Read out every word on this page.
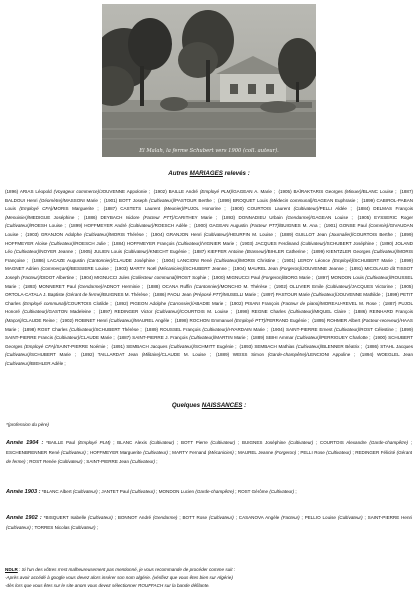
El Malah, la ferme Schubert vers 1900 (coll. auteur).
Autres MARIAGES relevés :
(1896) ARIAS Léopold (Voyageur commerce)/JOUVENNE Appolonie ; (1902) BAILLE André (Employé PLM)/GAGEAN A. Marie ; (1905) BAÏRAKTARIS Georges (Minuer)/BLANC Louise ; (1887) BALDOUI Henri (Géomètre)/MASSONI Marie ; (1901) BOTT Joseph (Cultivateur)/PASTOUR Berthe ; (1899) BROQUET Louis (Médecin communal)/GAGEAN Euphrasie ; (1899) CABIROL-PABAN Louis (Employé CFA)/MORIS Marguerite ; (1887) CASTETS Laurent (Meunier)/PUJOL Honorine ; (1900) COURTOIS Laurent (Cultivateur)/PELLI Aldée ; (1884) DELMAS François (Menuisier)/MEDIGUE Joséphine ; (1886) DEYBACH Isidore (Facteur PTT)/CARITHEY Marie ; (1893) DONNADIEU Urbain (Gendarme)/GAGEAN Louise ; (1905) EYSSERIC Roger (Cultivateur)/ROESH Louise ; (1899) HOFFMEYER André (Cultivateur)/ROESCH Adèle ; (1900) GAGEAN Augustin (Facteur PTT)/BUIGNES M. Ana ; (1901) GONSE Paul (Commis)/GIVAUDAN Louise ; (1903) GRANJON Adolphe (Cultivateur)/MORIS Thérèse ; (1904) GRANJON Henri (Cultivateur)/HEURFIN M. Louise ; (1889) GUILLOT Jean (Journalier)/COURTOIS Berthe ; (1899) HOFFMEYER Aloise (Cultivateur)/ROESCH Julie ; (1884) HOFFMEYER François (Cultivateur)/VIGNIER Marie ; (1903) JACQUES Ferdinand (Cultivateur)/SCHUBERT Joséphine ; (1890) JOLAND Léo (Cultivateur)/NOYER Jeanne ; (1905) JULIEN Louis (Cultivateur)/KNECHT Eugénie ; (1887) KIEFFER Antoine (Brasseur)/BIHLER Catherine ; (1899) KIENTZLER Georges (Cultivateur)/MORIS Françoise ; (1886) LACAZE Augustin (Cantonnier)/CLAUDE Joséphine ; (1904) LANCIONI René (Cultivateur)/MORIS Christine ; (1901) LEROY Léonce (Employé)/SCHUBERT Marie ; (1899) MAGNET Adrien (Commerçant)/BESSIERE Louise ; (1903) MARTY Noël (Mécanicien)/SCHUBERT Jeanne ; (1904) MAUREL Jean (Forgeron)/JOUVENNE Jeanne ; (1891) MICOLAUD dit TISSOT Joseph (Facteur)/DIDOT Albertine ; (1904) MIGNUCCI Jules (Collecteur communal)/ROST Sophie ; (1900) MIGNUCCI Paul (Forgeron)/BORG Marie ; (1897) MONDON Louis (Cultivateur)/ROUSSEL Marie ; (1893) MONNERET Paul (Gendarme)/ADNOT Herminie ; (1888) OCANA Ruffin (Cantonnier)/MONCHO M. Thérèse ; (1902) OLLIVIER Emile (Cultivateur)/JACQUES Victorine ; (1905) ORTOLA-CATALA J. Baptiste (Gérant de ferme)/BUIGNES M. Thérèse ; (1886) PAOLI Jean (Préposé PTT)/MUSELLI Marie ; (1897) PASTOUR Marie (Cultivateur)/JOUVENNE Mathilde ; (1899) PETIT Charles (Employé communal)/COURTOIS Clotilde ; (1892) PIGEON Adolphe (Carrossier)/ABADIE Marie ; (1902) PISANI François (Facteur de piano)/MOREAU-REVEL M. Rose ; (1887) PUJOL Honoré (Cultivateur)/GASTON Madeleine ; (1897) REDINGER Victor (Cultivateur)/COURTOIS M. Louise ; (1898) REGNE Charles (Cultivateur)/MIQUEL Claire ; (1886) REINHARD François (Maçon)/CLAUDE Reine ; (1902) ROBINET Henri (Cultivateur)/MAUREL Angèle ; (1898) ROCHON Emmanuel (Employé PTT)/FERRAND Eugénie ; (1895) ROHMER Albert (Facteur-receveur)/HAAS Marie ; (1898) ROST Charles (Cultivateur)/SCHUBERT Thérèse ; (1889) ROUSSEL François (Cultivateur)/HYARDAIN Marie ; (1904) SAINT-PIERRE Ernest (Cultivateur)/ROST Célestine ; (1899) SAINT-PIERRE Francis (Cultivateur)/CLAUDE Marie ; (1887) SAINT-PIERRE J. François (Cultivateur)/MARTIN Marie ; (1889) SBIHI Ammar (Cultivateur)/PERRIGUEY Charlotte ; (1900) SCHUBERT Georges (Employé CFA)/SAINT-PIERRE Noémie ; (1891) SEMBACH Jacques (Cultivateur)/SCHMITT Eugénie ; (1893) SEMBACH Mathias (Cultivateur)/BLENNER Béatrix ; (1886) STAHL Jacques (Cultivateur)/SCHUBERT Marie ; (1892) TAILLARDAT Jean (Militaire)/CLAUDE M. Louise ; (1889) WEISS Simon (Garde-champêtre)/LENCIONI Appoline ; (1894) WOEGLEL Jean (Cultivateur)/BIEHLER Adèle ;
Quelques NAISSANCES :
*(profession du père)
Année 1904 : *BAILLE Paul (Employé PLM) ; BLANC Alexis (Cultivateur) ; BOTT Pierre (Cultivateur) ; BUIGNES Joséphine (Cultivateur) ; COURTOIS Alexandre (Garde-champêtre) ; ESCHENBRENNER René (Cultivateur) ; HOFFMEYER Marguerite (Cultivateur) ; MARTY Fernand (Mécanicien) ; MAUREL Jeanne (Forgeron) ; PELLI Rose (Cultivateur) ; REDINGER Félicité (Gérant de ferme) ; ROST Renée (Cultivateur) ; SAINT-PIERRE Jean (Cultivateur) ;
Année 1903 : *BLANC Albert (Cultivateur) ; JANTET Paul (Cultivateur) ; MONDON Lucien (Garde-champêtre) ; ROST Gérôme (Cultivateur) ;
Année 1902 : *BISQUERT Isabelle (Cultivateur) ; BONNOT André (Gendarme) ; BOTT Rose (Cultivateur) ; CASANOVA Angèle (Facteur) ; PELLIO Louise (Cultivateur) ; SAINT-PIERRE Henri (Cultivateur) ; TORRES Nicolas (Cultivateur) ;
NDLR : Si l'un des vôtres n'est malheureusement pas mentionné, je vous recommande de procéder comme suit :
-Après avoir accédé à google vous devez alors insérer son nom algérie. (vérifiez que vous êtes bien sur Algérie)
-dès lors que vous êtes sur le site anom vous devez sélectionner ROUFFACH sur la bande défilante.
